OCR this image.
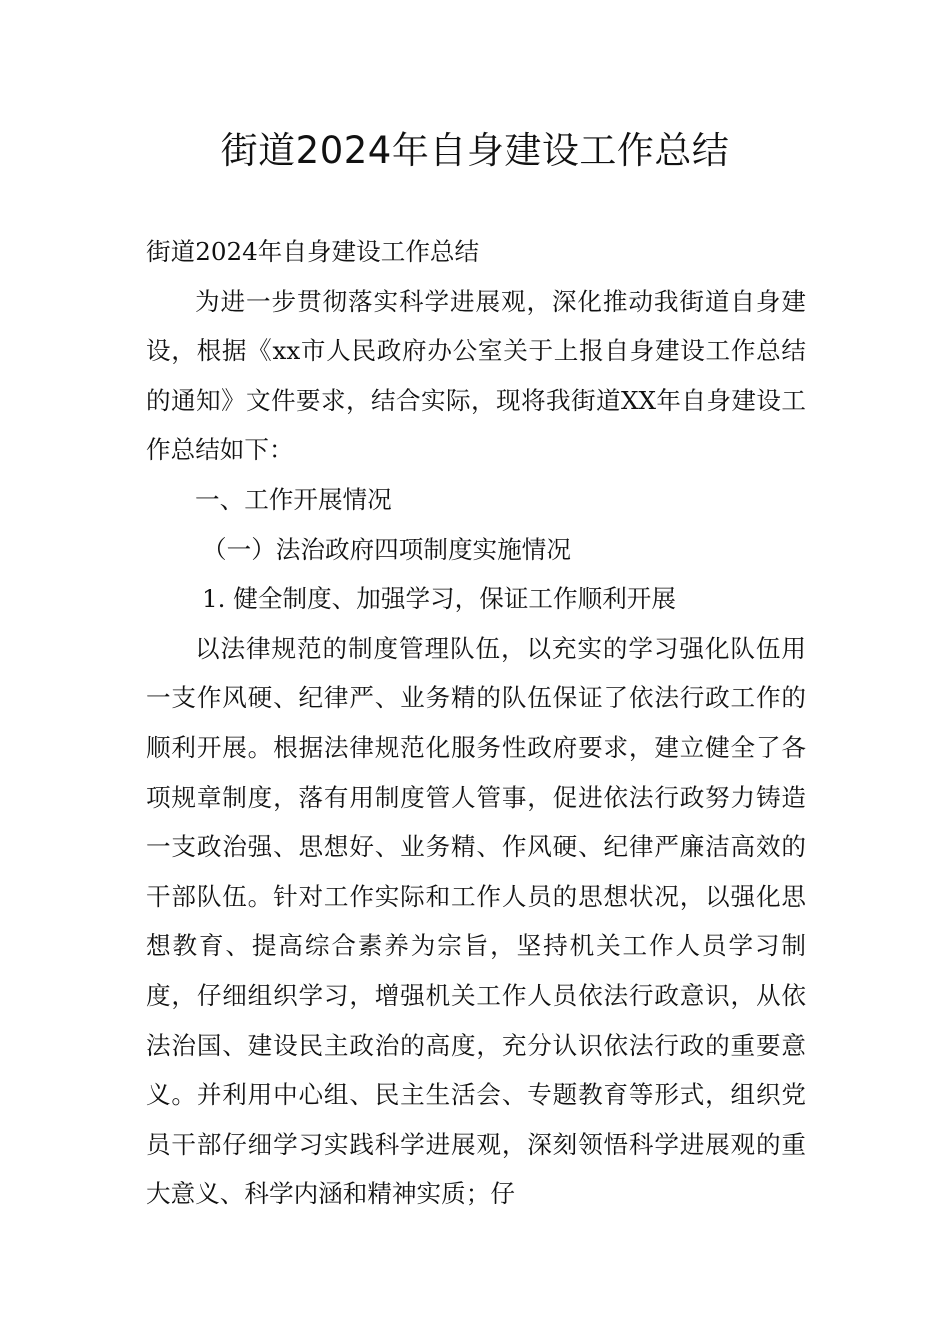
街道2024年自身建设工作总结

街道2024年自身建设工作总结

为进一步贯彻落实科学进展观，深化推动我街道自身建设，根据《xx市人民政府办公室关于上报自身建设工作总结的通知》文件要求，结合实际，现将我街道XX年自身建设工作总结如下：

一、工作开展情况

（一）法治政府四项制度实施情况

1. 健全制度、加强学习，保证工作顺利开展

以法律规范的制度管理队伍，以充实的学习强化队伍用一支作风硬、纪律严、业务精的队伍保证了依法行政工作的顺利开展。根据法律规范化服务性政府要求，建立健全了各项规章制度，落有用制度管人管事，促进依法行政努力铸造一支政治强、思想好、业务精、作风硬、纪律严廉洁高效的干部队伍。针对工作实际和工作人员的思想状况，以强化思想教育、提高综合素养为宗旨，坚持机关工作人员学习制度，仔细组织学习，增强机关工作人员依法行政意识，从依法治国、建设民主政治的高度，充分认识依法行政的重要意义。并利用中心组、民主生活会、专题教育等形式，组织党员干部仔细学习实践科学进展观，深刻领悟科学进展观的重大意义、科学内涵和精神实质；仔
